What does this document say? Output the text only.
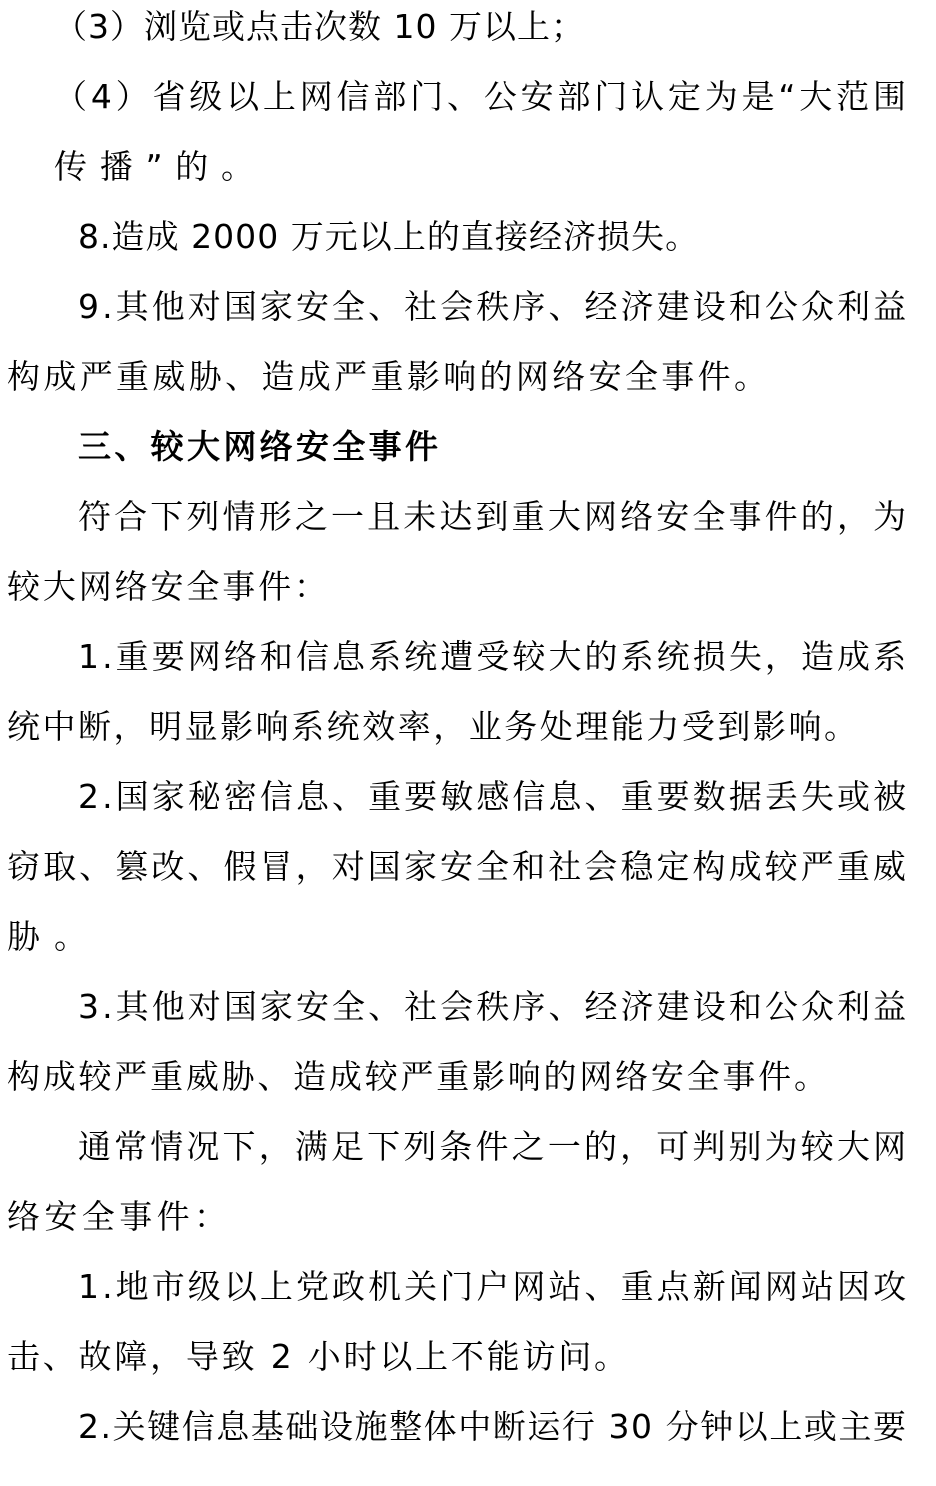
（3）浏览或点击次数 10 万以上；
（4）省级以上网信部门、公安部门认定为是“大范围
传播”的。
8.造成 2000 万元以上的直接经济损失。
9.其他对国家安全、社会秩序、经济建设和公众利益
构成严重威胁、造成严重影响的网络安全事件。
三、较大网络安全事件
符合下列情形之一且未达到重大网络安全事件的，为
较大网络安全事件：
1.重要网络和信息系统遭受较大的系统损失，造成系
统中断，明显影响系统效率，业务处理能力受到影响。
2.国家秘密信息、重要敏感信息、重要数据丢失或被
窃取、篡改、假冒，对国家安全和社会稳定构成较严重威
胁。
3.其他对国家安全、社会秩序、经济建设和公众利益
构成较严重威胁、造成较严重影响的网络安全事件。
通常情况下，满足下列条件之一的，可判别为较大网
络安全事件：
1.地市级以上党政机关门户网站、重点新闻网站因攻
击、故障，导致 2 小时以上不能访问。
2.关键信息基础设施整体中断运行 30 分钟以上或主要
